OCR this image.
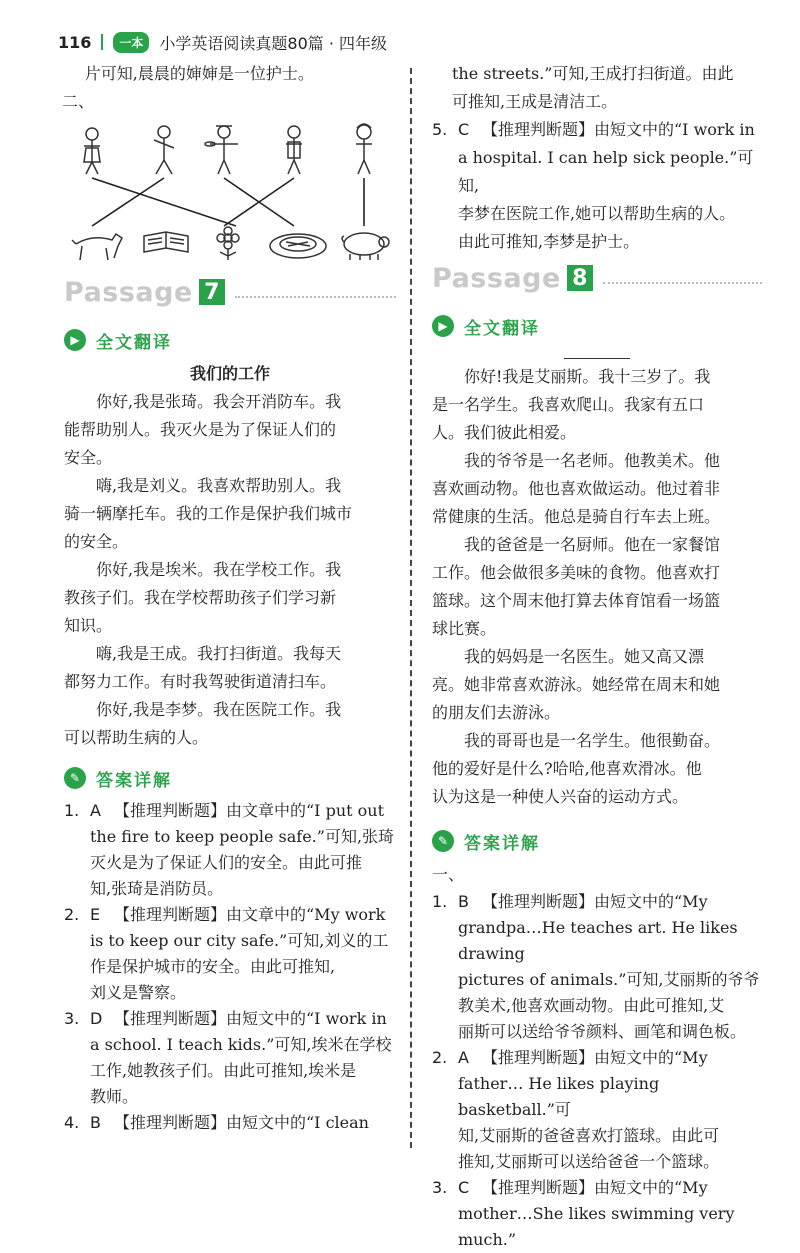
116	一本	小学英语阅读真题80篇 · 四年级

片可知,晨晨的婶婶是一位护士。

二、

Passage 7
▶ 全文翻译
我们的工作

你好,我是张琦。我会开消防车。我

能帮助别人。我灭火是为了保证人们的

安全。

嗨,我是刘义。我喜欢帮助别人。我

骑一辆摩托车。我的工作是保护我们城市

的安全。

你好,我是埃米。我在学校工作。我

教孩子们。我在学校帮助孩子们学习新

知识。

嗨,我是王成。我打扫街道。我每天

都努力工作。有时我驾驶街道清扫车。

你好,我是李梦。我在医院工作。我

可以帮助生病的人。

✎ 答案详解
1. A 【推理判断题】由文章中的“I put out
the fire to keep people safe.”可知,张琦
灭火是为了保证人们的安全。由此可推
知,张琦是消防员。
2. E 【推理判断题】由文章中的“My work
is to keep our city safe.”可知,刘义的工
作是保护城市的安全。由此可推知,
刘义是警察。
3. D 【推理判断题】由短文中的“I work in
a school. I teach kids.”可知,埃米在学校
工作,她教孩子们。由此可推知,埃米是
教师。
4. B 【推理判断题】由短文中的“I clean

the streets.”可知,王成打扫街道。由此

可推知,王成是清洁工。

5. C 【推理判断题】由短文中的“I work in
a hospital. I can help sick people.”可知,
李梦在医院工作,她可以帮助生病的人。
由此可推知,李梦是护士。
Passage 8
▶ 全文翻译

你好!我是艾丽斯。我十三岁了。我

是一名学生。我喜欢爬山。我家有五口

人。我们彼此相爱。

我的爷爷是一名老师。他教美术。他

喜欢画动物。他也喜欢做运动。他过着非

常健康的生活。他总是骑自行车去上班。

我的爸爸是一名厨师。他在一家餐馆

工作。他会做很多美味的食物。他喜欢打

篮球。这个周末他打算去体育馆看一场篮

球比赛。

我的妈妈是一名医生。她又高又漂

亮。她非常喜欢游泳。她经常在周末和她

的朋友们去游泳。

我的哥哥也是一名学生。他很勤奋。

他的爱好是什么?哈哈,他喜欢滑冰。他

认为这是一种使人兴奋的运动方式。

✎ 答案详解

一、

1. B 【推理判断题】由短文中的“My
grandpa…He teaches art. He likes drawing
pictures of animals.”可知,艾丽斯的爷爷
教美术,他喜欢画动物。由此可推知,艾
丽斯可以送给爷爷颜料、画笔和调色板。
2. A 【推理判断题】由短文中的“My
father… He likes playing basketball.”可
知,艾丽斯的爸爸喜欢打篮球。由此可
推知,艾丽斯可以送给爸爸一个篮球。
3. C 【推理判断题】由短文中的“My
mother…She likes swimming very much.”
